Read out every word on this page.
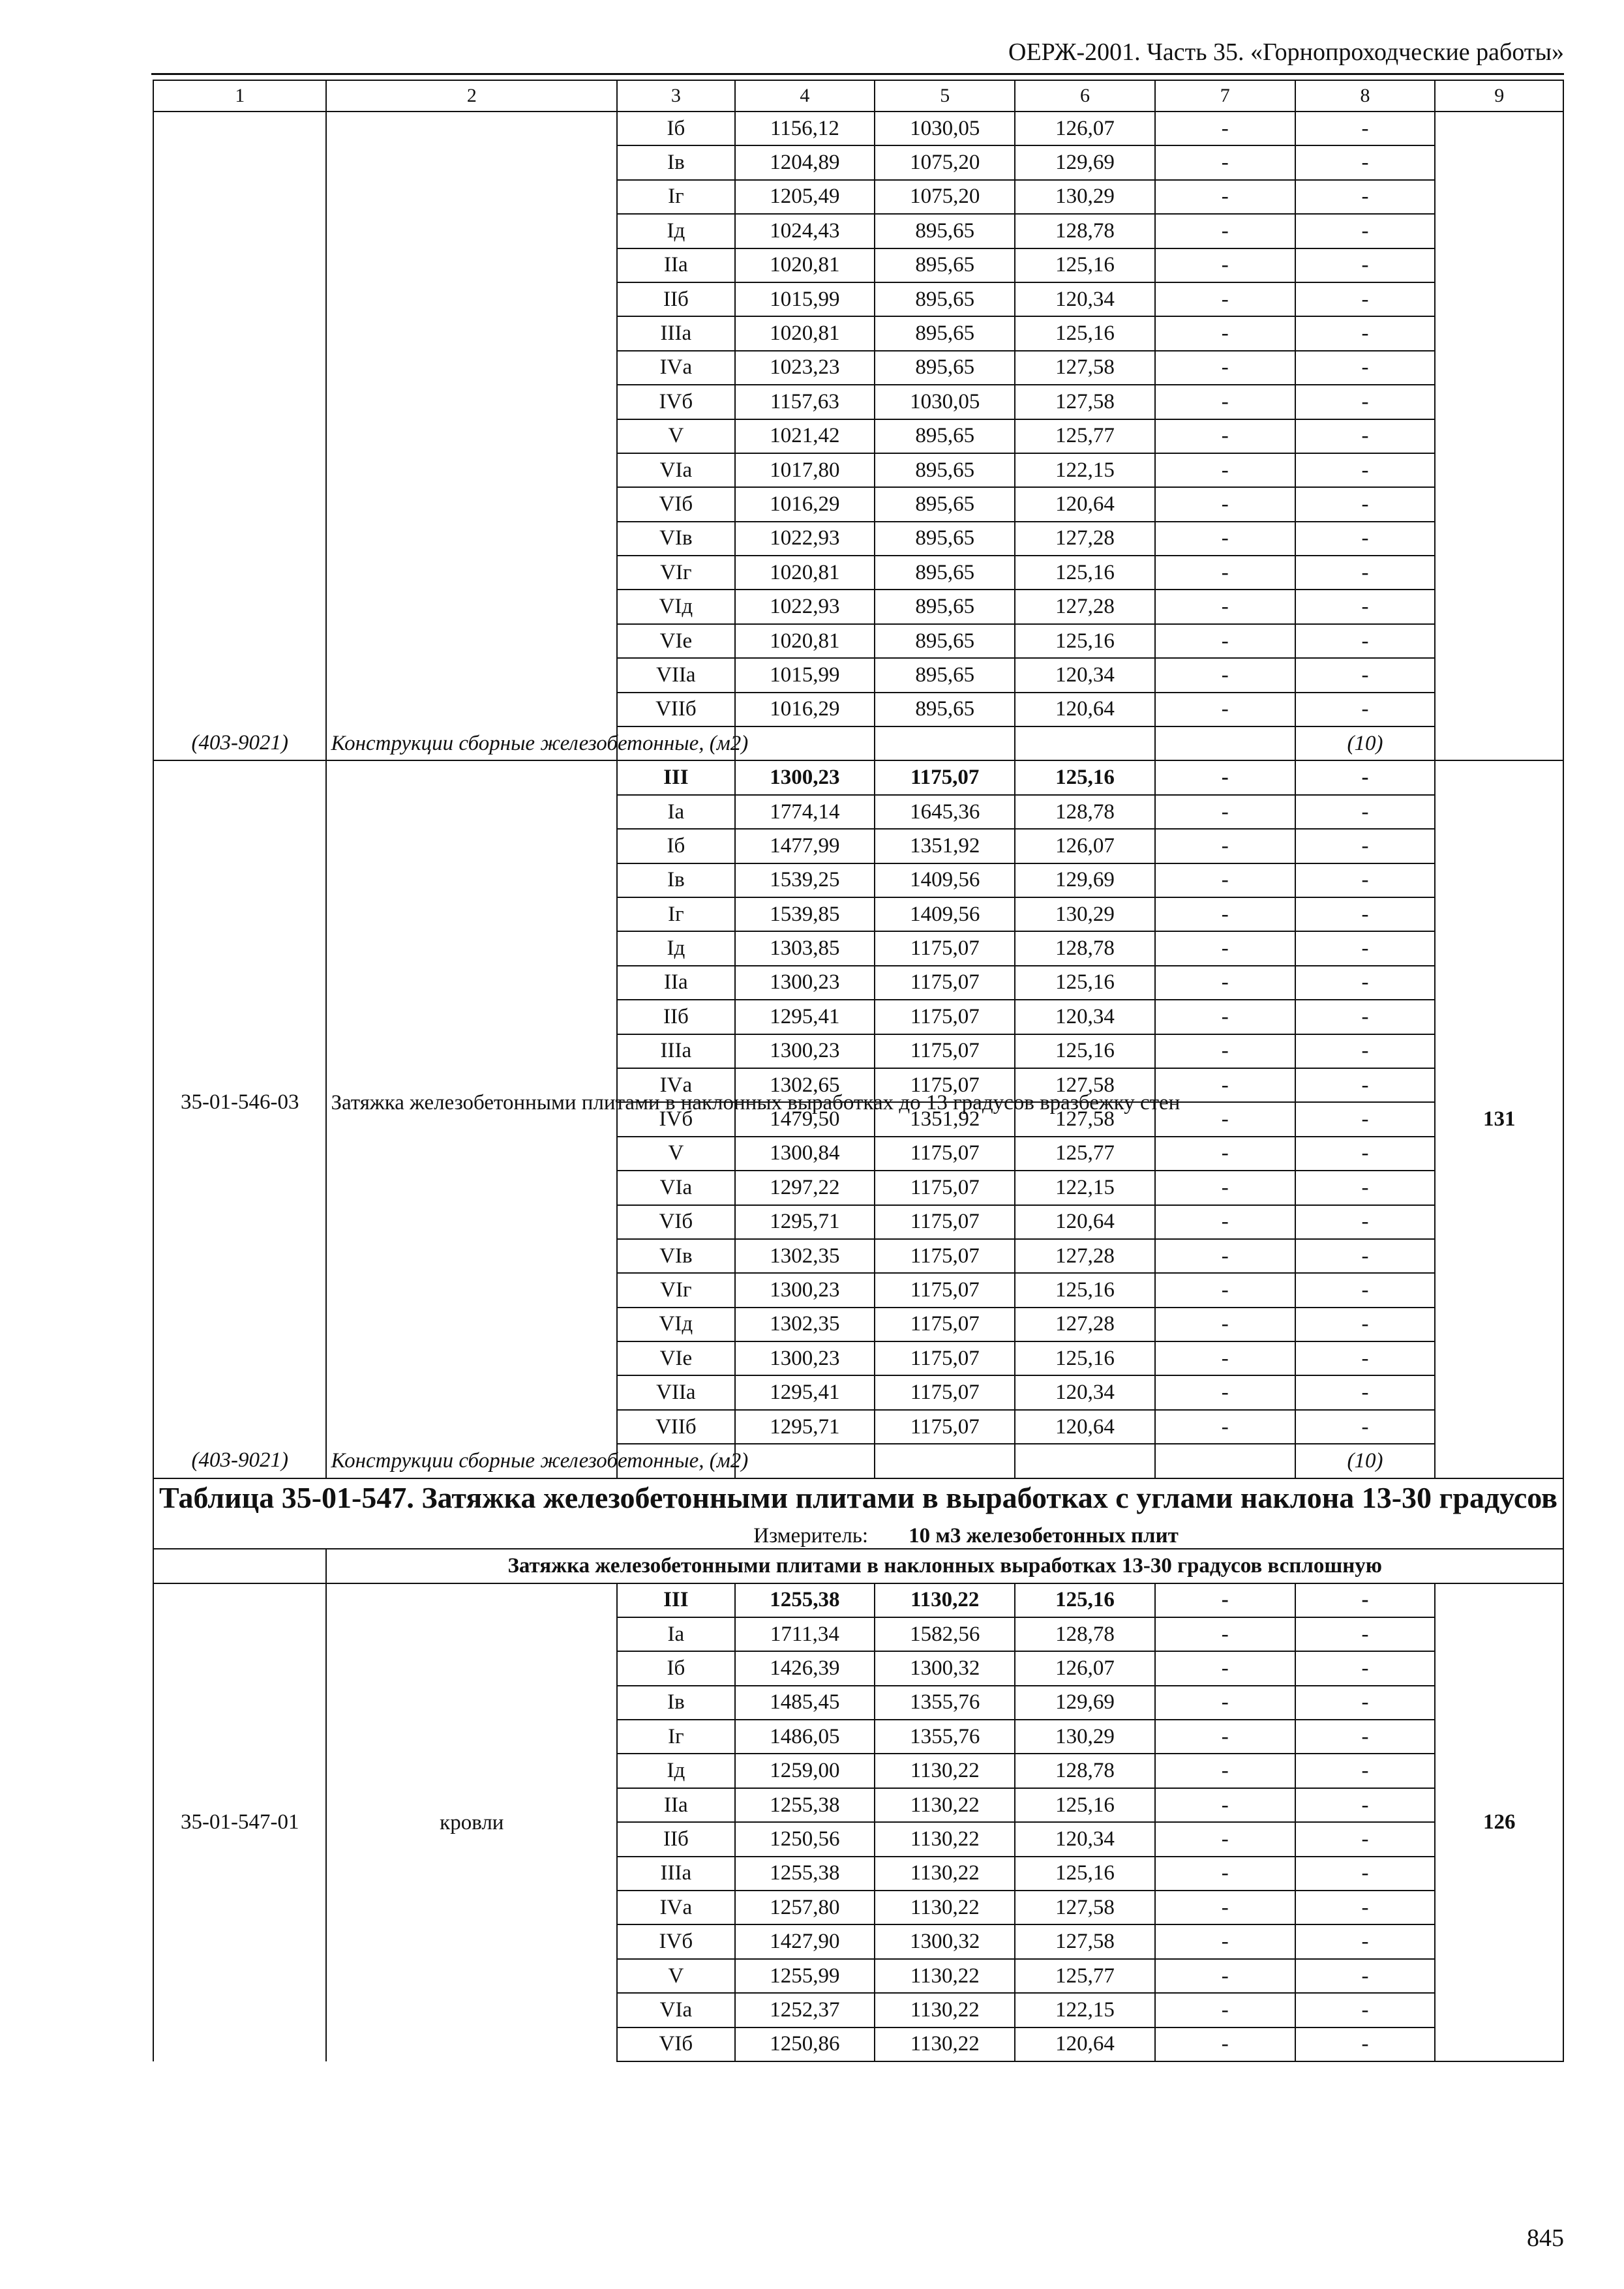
ОЕРЖ-2001. Часть 35. «Горнопроходческие работы»
1	2	3	4	5	6	7	8	9
		Iб	1156,12	1030,05	126,07	-	-	
		Iв	1204,89	1075,20	129,69	-	-	
		Iг	1205,49	1075,20	130,29	-	-	
		Iд	1024,43	895,65	128,78	-	-	
		IIа	1020,81	895,65	125,16	-	-	
		IIб	1015,99	895,65	120,34	-	-	
		IIIа	1020,81	895,65	125,16	-	-	
		IVа	1023,23	895,65	127,58	-	-	
		IVб	1157,63	1030,05	127,58	-	-	
		V	1021,42	895,65	125,77	-	-	
		VIа	1017,80	895,65	122,15	-	-	
		VIб	1016,29	895,65	120,64	-	-	
		VIв	1022,93	895,65	127,28	-	-	
		VIг	1020,81	895,65	125,16	-	-	
		VIд	1022,93	895,65	127,28	-	-	
		VIе	1020,81	895,65	125,16	-	-	
		VIIа	1015,99	895,65	120,34	-	-	
		VIIб	1016,29	895,65	120,64	-	-	
(403-9021)	Конструкции сборные железобетонные, (м2)						(10)	
35-01-546-03	Затяжка железобетонными плитами в наклонных выработках до 13 градусов вразбежку стен	III	1300,23	1175,07	125,16	-	-	131
		Iа	1774,14	1645,36	128,78	-	-	
		Iб	1477,99	1351,92	126,07	-	-	
		Iв	1539,25	1409,56	129,69	-	-	
		Iг	1539,85	1409,56	130,29	-	-	
		Iд	1303,85	1175,07	128,78	-	-	
		IIа	1300,23	1175,07	125,16	-	-	
		IIб	1295,41	1175,07	120,34	-	-	
		IIIа	1300,23	1175,07	125,16	-	-	
		IVа	1302,65	1175,07	127,58	-	-	
		IVб	1479,50	1351,92	127,58	-	-	
		V	1300,84	1175,07	125,77	-	-	
		VIа	1297,22	1175,07	122,15	-	-	
		VIб	1295,71	1175,07	120,64	-	-	
		VIв	1302,35	1175,07	127,28	-	-	
		VIг	1300,23	1175,07	125,16	-	-	
		VIд	1302,35	1175,07	127,28	-	-	
		VIе	1300,23	1175,07	125,16	-	-	
		VIIа	1295,41	1175,07	120,34	-	-	
		VIIб	1295,71	1175,07	120,64	-	-	
(403-9021)	Конструкции сборные железобетонные, (м2)						(10)	

Таблица 35-01-547. Затяжка железобетонными плитами в выработках с углами наклона 13-30 градусов
Измеритель: 10 м3 железобетонных плит								

	Затяжка железобетонными плитами в наклонных выработках 13-30 градусов всплошную							
35-01-547-01	кровли	III	1255,38	1130,22	125,16	-	-	126
		Iа	1711,34	1582,56	128,78	-	-	
		Iб	1426,39	1300,32	126,07	-	-	
		Iв	1485,45	1355,76	129,69	-	-	
		Iг	1486,05	1355,76	130,29	-	-	
		Iд	1259,00	1130,22	128,78	-	-	
		IIа	1255,38	1130,22	125,16	-	-	
		IIб	1250,56	1130,22	120,34	-	-	
		IIIа	1255,38	1130,22	125,16	-	-	
		IVа	1257,80	1130,22	127,58	-	-	
		IVб	1427,90	1300,32	127,58	-	-	
		V	1255,99	1130,22	125,77	-	-	
		VIа	1252,37	1130,22	122,15	-	-	
		VIб	1250,86	1130,22	120,64	-	-	
845
